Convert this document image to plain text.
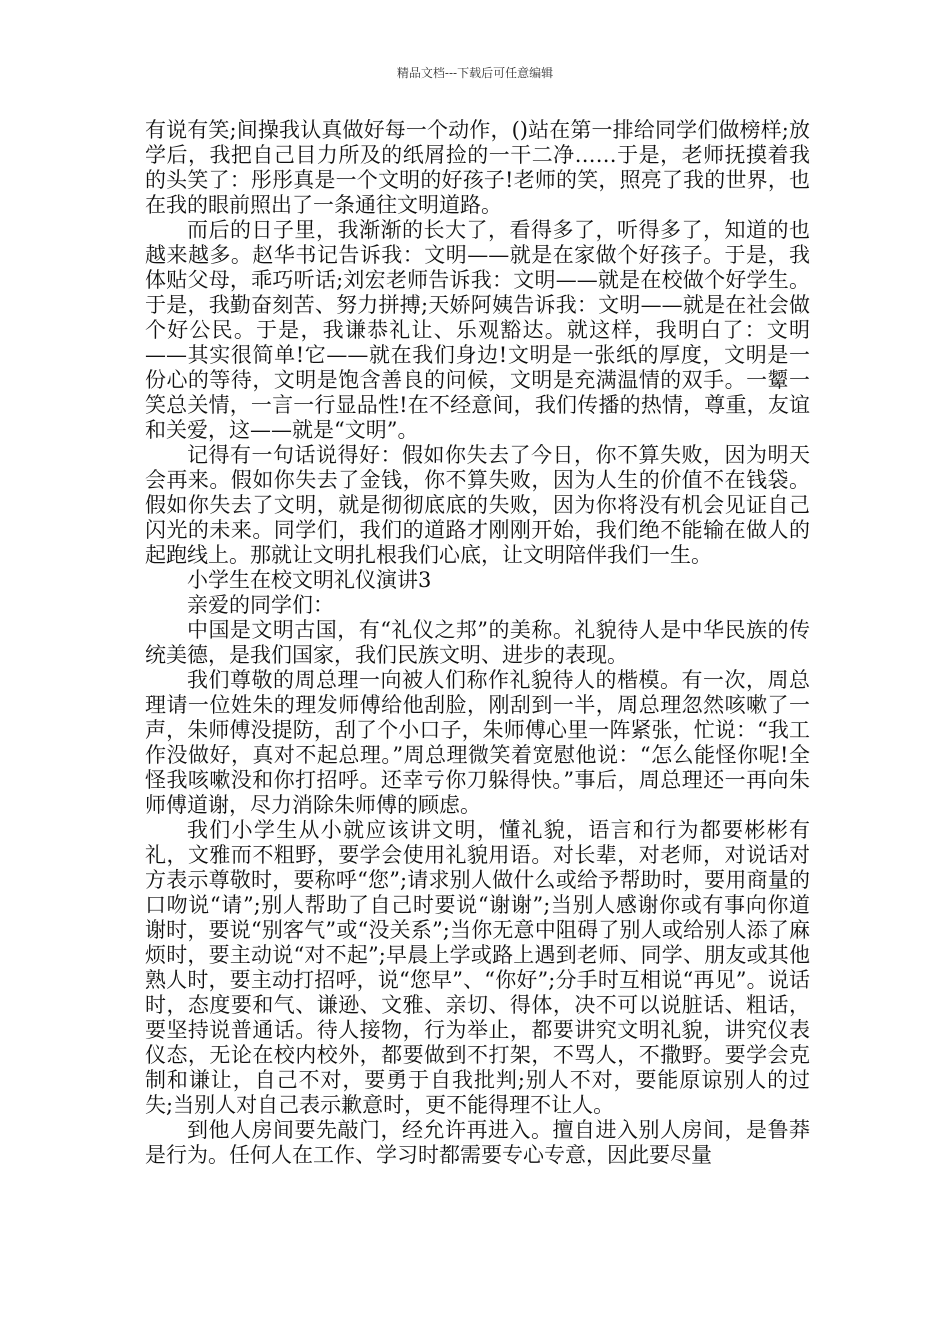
精品文档---下载后可任意编辑

有说有笑;间操我认真做好每一个动作，()站在第一排给同学们做榜样;放学后，我把自己目力所及的纸屑捡的一干二净……于是，老师抚摸着我的头笑了：彤彤真是一个文明的好孩子!老师的笑，照亮了我的世界，也在我的眼前照出了一条通往文明道路。

而后的日子里，我渐渐的长大了，看得多了，听得多了，知道的也越来越多。赵华书记告诉我：文明——就是在家做个好孩子。于是，我体贴父母，乖巧听话;刘宏老师告诉我：文明——就是在校做个好学生。于是，我勤奋刻苦、努力拼搏;天娇阿姨告诉我：文明——就是在社会做个好公民。于是，我谦恭礼让、乐观豁达。就这样，我明白了：文明——其实很简单!它——就在我们身边!文明是一张纸的厚度，文明是一份心的等待，文明是饱含善良的问候，文明是充满温情的双手。一颦一笑总关情，一言一行显品性!在不经意间，我们传播的热情，尊重，友谊和关爱，这——就是“文明”。

记得有一句话说得好：假如你失去了今日，你不算失败，因为明天会再来。假如你失去了金钱，你不算失败，因为人生的价值不在钱袋。假如你失去了文明，就是彻彻底底的失败，因为你将没有机会见证自己闪光的未来。同学们，我们的道路才刚刚开始，我们绝不能输在做人的起跑线上。那就让文明扎根我们心底，让文明陪伴我们一生。

小学生在校文明礼仪演讲3

亲爱的同学们：

中国是文明古国，有“礼仪之邦”的美称。礼貌待人是中华民族的传统美德，是我们国家，我们民族文明、进步的表现。

我们尊敬的周总理一向被人们称作礼貌待人的楷模。有一次，周总理请一位姓朱的理发师傅给他刮脸，刚刮到一半，周总理忽然咳嗽了一声，朱师傅没提防，刮了个小口子，朱师傅心里一阵紧张，忙说：“我工作没做好，真对不起总理。”周总理微笑着宽慰他说：“怎么能怪你呢!全怪我咳嗽没和你打招呼。还幸亏你刀躲得快。”事后，周总理还一再向朱师傅道谢，尽力消除朱师傅的顾虑。

我们小学生从小就应该讲文明，懂礼貌，语言和行为都要彬彬有礼，文雅而不粗野，要学会使用礼貌用语。对长辈，对老师，对说话对方表示尊敬时，要称呼“您”;请求别人做什么或给予帮助时，要用商量的口吻说“请”;别人帮助了自己时要说“谢谢”;当别人感谢你或有事向你道谢时，要说“别客气”或“没关系”;当你无意中阻碍了别人或给别人添了麻烦时，要主动说“对不起”;早晨上学或路上遇到老师、同学、朋友或其他熟人时，要主动打招呼，说“您早”、“你好”;分手时互相说“再见”。说话时，态度要和气、谦逊、文雅、亲切、得体，决不可以说脏话、粗话，要坚持说普通话。待人接物，行为举止，都要讲究文明礼貌，讲究仪表仪态，无论在校内校外，都要做到不打架，不骂人，不撒野。要学会克制和谦让，自己不对，要勇于自我批判;别人不对，要能原谅别人的过失;当别人对自己表示歉意时，更不能得理不让人。

到他人房间要先敲门，经允许再进入。擅自进入别人房间，是鲁莽是行为。任何人在工作、学习时都需要专心专意，因此要尽量
